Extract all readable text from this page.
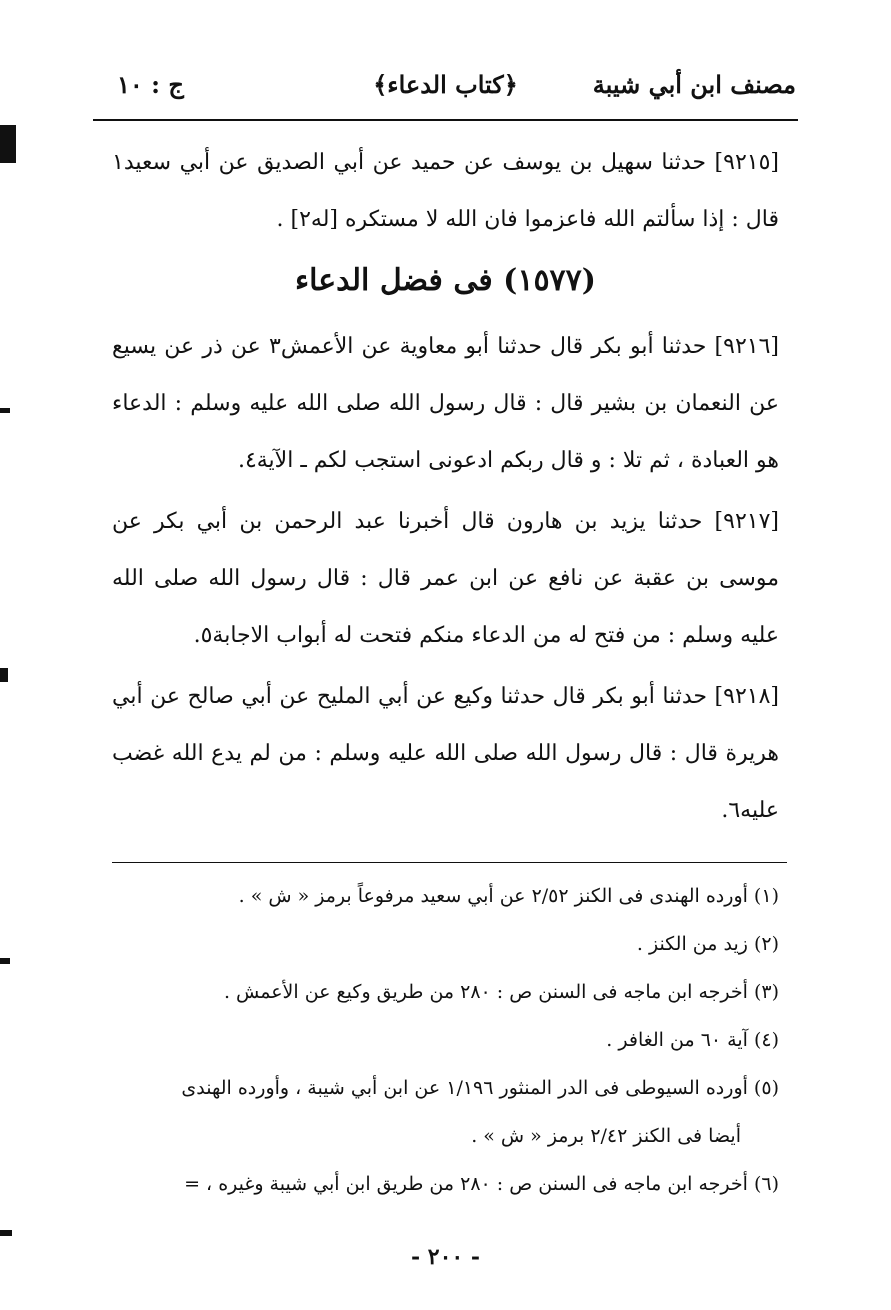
مصنف ابن أبي شيبة
﴿كتاب الدعاء﴾
ج : ١٠

[٩٢١٥] حدثنا سهيل بن يوسف عن حميد عن أبي الصديق عن أبي سعيد١ قال : إذا سألتم الله فاعزموا فان الله لا مستكره [له٢] .

(١٥٧٧) فى فضل الدعاء

[٩٢١٦] حدثنا أبو بكر قال حدثنا أبو معاوية عن الأعمش٣ عن ذر عن يسيع عن النعمان بن بشير قال : قال رسول الله صلى الله عليه وسلم : الدعاء هو العبادة ، ثم تلا : و قال ربكم ادعونى استجب لكم ـ الآية٤.

[٩٢١٧] حدثنا يزيد بن هارون قال أخبرنا عبد الرحمن بن أبي بكر عن موسى بن عقبة عن نافع عن ابن عمر قال : قال رسول الله صلى الله عليه وسلم : من فتح له من الدعاء منكم فتحت له أبواب الاجابة٥.

[٩٢١٨] حدثنا أبو بكر قال حدثنا وكيع عن أبي المليح عن أبي صالح عن أبي هريرة قال : قال رسول الله صلى الله عليه وسلم : من لم يدع الله غضب عليه٦.

(١) أورده الهندى فى الكنز ٢/٥٢ عن أبي سعيد مرفوعاً برمز « ش » .

(٢) زيد من الكنز .

(٣) أخرجه ابن ماجه فى السنن ص : ٢٨٠ من طريق وكيع عن الأعمش .

(٤) آية ٦٠ من الغافر .

(٥) أورده السيوطى فى الدر المنثور ١/١٩٦ عن ابن أبي شيبة ، وأورده الهندى

أيضا فى الكنز ٢/٤٢ برمز « ش » .

(٦) أخرجه ابن ماجه فى السنن ص : ٢٨٠ من طريق ابن أبي شيبة وغيره ، =

- ٢٠٠ -
